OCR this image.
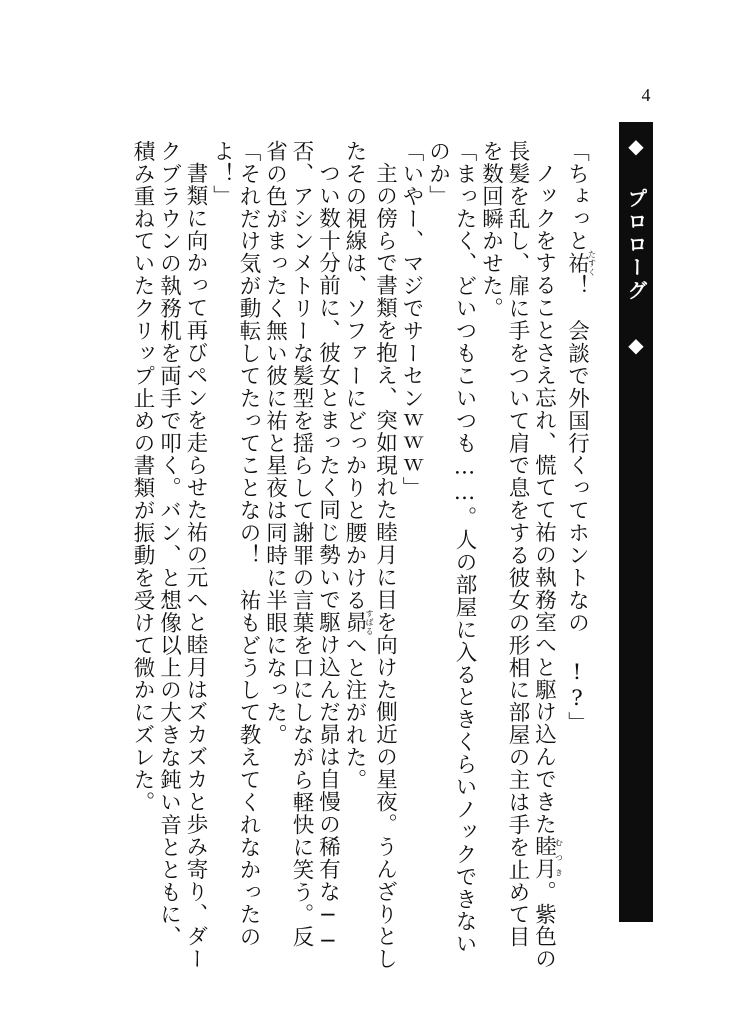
4
◆
プロローグ
◆

「ちょっと祐たすく！　会談で外国行くってホントなの !?」

ノックをすることさえ忘れ、慌てて祐の執務室へと駆け込んできた睦月むつき。紫色の長髪を乱し、扉に手をついて肩で息をする彼女の形相に部屋の主は手を止めて目を数回瞬かせた。

「まったく、どいつもこいつも……。人の部屋に入るときくらいノックできないのか」

「いやー、マジでサーセンｗｗｗ」

主の傍らで書類を抱え、突如現れた睦月に目を向けた側近の星夜。うんざりとしたその視線は、ソファーにどっかりと腰かける昴すばるへと注がれた。

つい数十分前に、彼女とまったく同じ勢いで駆け込んだ昴は自慢の稀有な──否、アシンメトリーな髪型を揺らして謝罪の言葉を口にしながら軽快に笑う。反省の色がまったく無い彼に祐と星夜は同時に半眼になった。

「それだけ気が動転してたってことなの！　祐もどうして教えてくれなかったのよ！」

書類に向かって再びペンを走らせた祐の元へと睦月はズカズカと歩み寄り、ダークブラウンの執務机を両手で叩く。バン、と想像以上の大きな鈍い音とともに、積み重ねていたクリップ止めの書類が振動を受けて微かにズレた。
